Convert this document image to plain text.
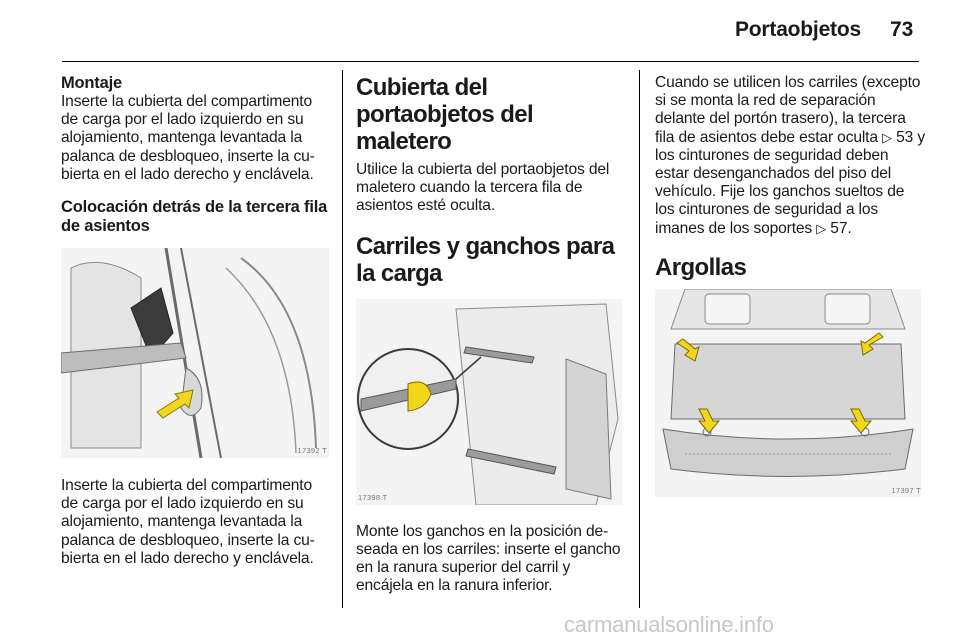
Portaobjetos 73
Montaje

Inserte la cubierta del compartimento de carga por el lado izquierdo en su alojamiento, mantenga levantada la palanca de desbloqueo, inserte la cubierta en el lado derecho y enclávela.

Colocación detrás de la tercera fila de asientos
17392 T

Inserte la cubierta del compartimento de carga por el lado izquierdo en su alojamiento, mantenga levantada la palanca de desbloqueo, inserte la cubierta en el lado derecho y enclávela.

Cubierta del portaobjetos del maletero

Utilice la cubierta del portaobjetos del maletero cuando la tercera fila de asientos esté oculta.

Carriles y ganchos para la carga
17398 T

Monte los ganchos en la posición deseada en los carriles: inserte el gancho en la ranura superior del carril y encájela en la ranura inferior.

Cuando se utilicen los carriles (excepto si se monta la red de separación delante del portón trasero), la tercera fila de asientos debe estar oculta ▷ 53 y los cinturones de seguridad deben estar desenganchados del piso del vehículo. Fije los ganchos sueltos de los cinturones de seguridad a los imanes de los soportes ▷ 57.

Argollas
17397 T
carmanualsonline.info
